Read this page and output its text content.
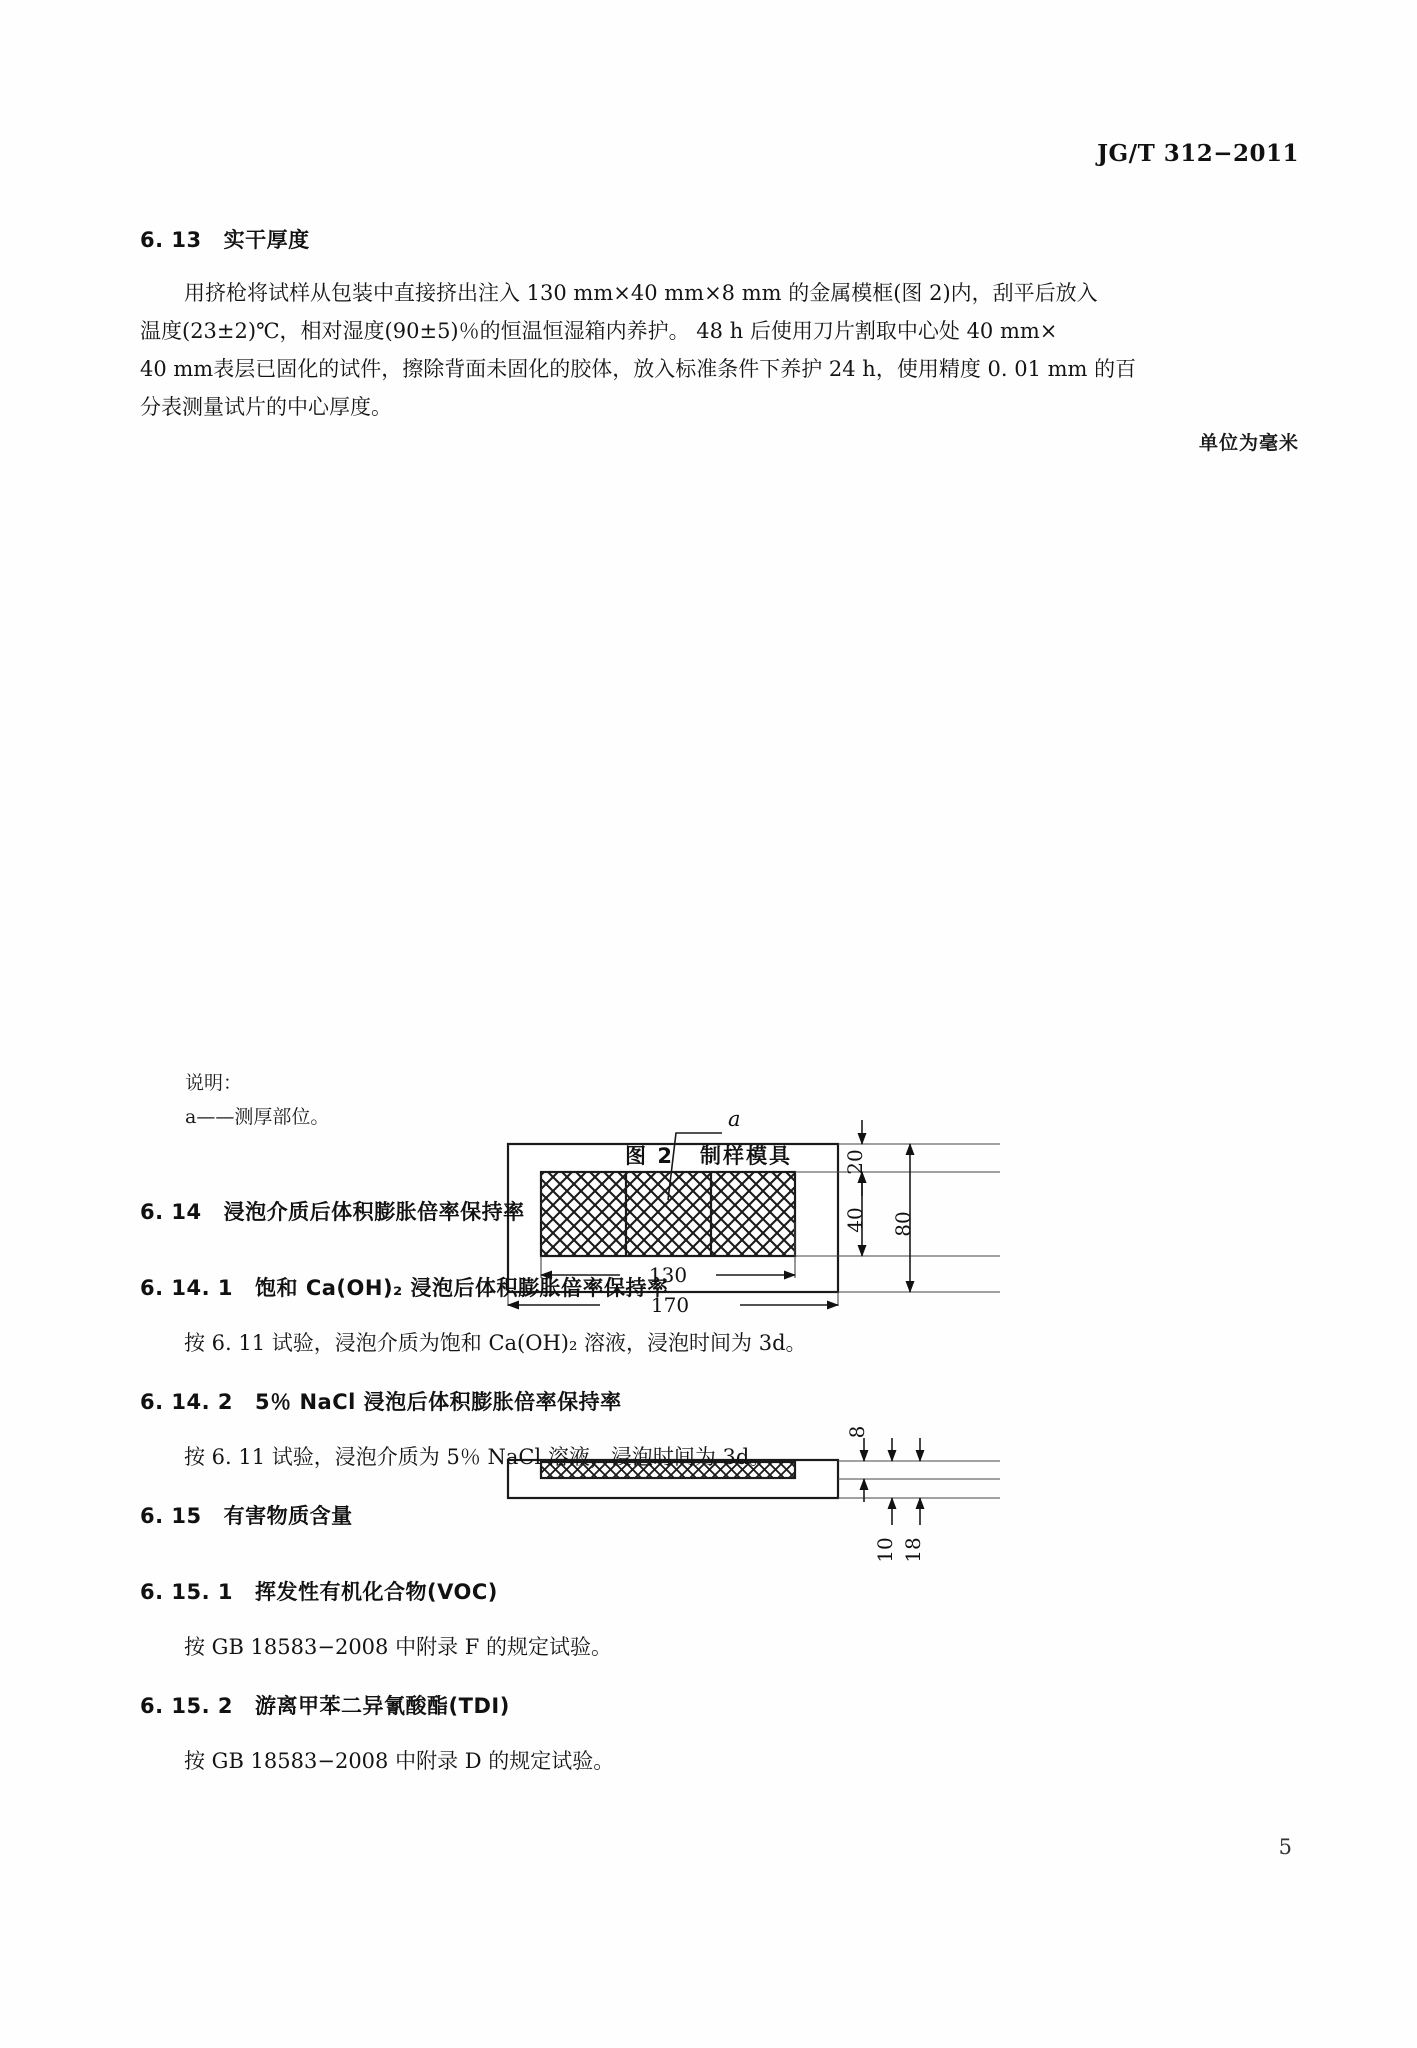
JG/T 312−2011
6. 13 实干厚度
用挤枪将试样从包装中直接挤出注入 130 mm×40 mm×8 mm 的金属模框(图 2)内，刮平后放入
温度(23±2)℃，相对湿度(90±5)％的恒温恒湿箱内养护。 48 h 后使用刀片割取中心处 40 mm×
40 mm表层已固化的试件，擦除背面未固化的胶体，放入标准条件下养护 24 h，使用精度 0. 01 mm 的百
分表测量试片的中心厚度。
单位为毫米
a
20
40 80
130
170
8
10 18
说明：
a——测厚部位。
图 2 制样模具
6. 14 浸泡介质后体积膨胀倍率保持率
6. 14. 1 饱和 Ca(OH)₂ 浸泡后体积膨胀倍率保持率
按 6. 11 试验，浸泡介质为饱和 Ca(OH)₂ 溶液，浸泡时间为 3d。
6. 14. 2 5％ NaCl 浸泡后体积膨胀倍率保持率
按 6. 11 试验，浸泡介质为 5％ NaCl 溶液，浸泡时间为 3d。
6. 15 有害物质含量
6. 15. 1 挥发性有机化合物(VOC)
按 GB 18583−2008 中附录 F 的规定试验。
6. 15. 2 游离甲苯二异氰酸酯(TDI)
按 GB 18583−2008 中附录 D 的规定试验。
5
